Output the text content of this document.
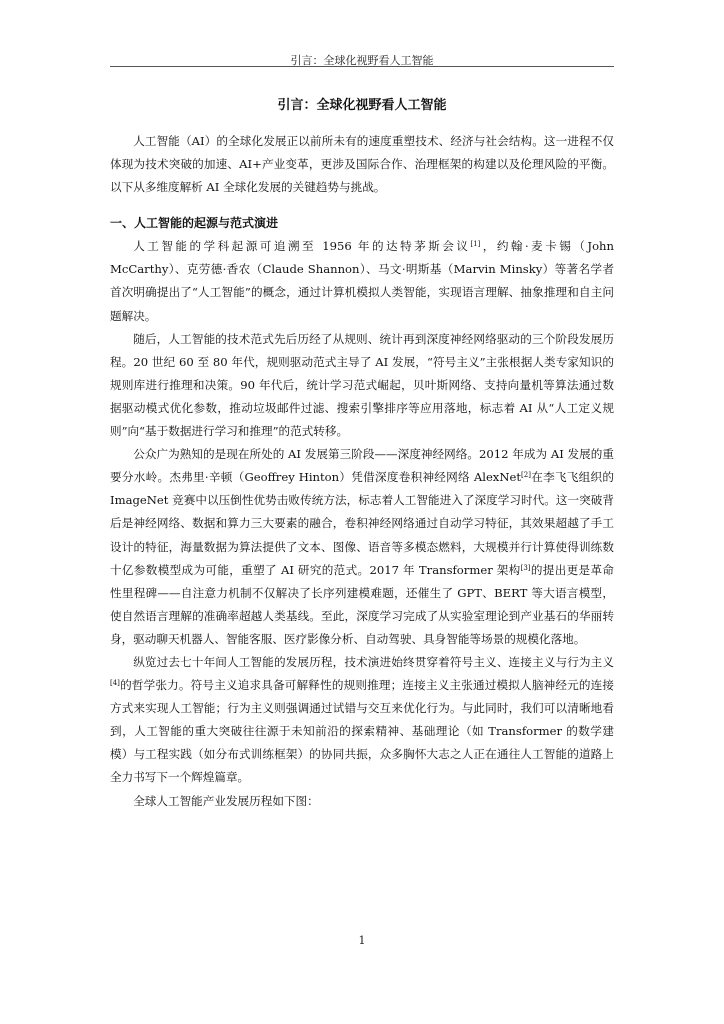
引言：全球化视野看人工智能
引言：全球化视野看人工智能

人工智能（AI）的全球化发展正以前所未有的速度重塑技术、经济与社会结构。这一进程不仅体现为技术突破的加速、AI+产业变革，更涉及国际合作、治理框架的构建以及伦理风险的平衡。以下从多维度解析 AI 全球化发展的关键趋势与挑战。

一、人工智能的起源与范式演进

人工智能的学科起源可追溯至 1956 年的达特茅斯会议[1]，约翰·麦卡锡（John McCarthy）、克劳德·香农（Claude Shannon）、马文·明斯基（Marvin Minsky）等著名学者首次明确提出了“人工智能”的概念，通过计算机模拟人类智能，实现语言理解、抽象推理和自主问题解决。

随后，人工智能的技术范式先后历经了从规则、统计再到深度神经网络驱动的三个阶段发展历程。20 世纪 60 至 80 年代，规则驱动范式主导了 AI 发展，“符号主义”主张根据人类专家知识的规则库进行推理和决策。90 年代后，统计学习范式崛起，贝叶斯网络、支持向量机等算法通过数据驱动模式优化参数，推动垃圾邮件过滤、搜索引擎排序等应用落地，标志着 AI 从“人工定义规则”向“基于数据进行学习和推理”的范式转移。

公众广为熟知的是现在所处的 AI 发展第三阶段——深度神经网络。2012 年成为 AI 发展的重要分水岭。杰弗里·辛顿（Geoffrey Hinton）凭借深度卷积神经网络 AlexNet[2]在李飞飞组织的 ImageNet 竞赛中以压倒性优势击败传统方法，标志着人工智能进入了深度学习时代。这一突破背后是神经网络、数据和算力三大要素的融合，卷积神经网络通过自动学习特征，其效果超越了手工设计的特征，海量数据为算法提供了文本、图像、语音等多模态燃料，大规模并行计算使得训练数十亿参数模型成为可能，重塑了 AI 研究的范式。2017 年 Transformer 架构[3]的提出更是革命性里程碑——自注意力机制不仅解决了长序列建模难题，还催生了 GPT、BERT 等大语言模型，使自然语言理解的准确率超越人类基线。至此，深度学习完成了从实验室理论到产业基石的华丽转身，驱动聊天机器人、智能客服、医疗影像分析、自动驾驶、具身智能等场景的规模化落地。

纵览过去七十年间人工智能的发展历程，技术演进始终贯穿着符号主义、连接主义与行为主义[4]的哲学张力。符号主义追求具备可解释性的规则推理；连接主义主张通过模拟人脑神经元的连接方式来实现人工智能；行为主义则强调通过试错与交互来优化行为。与此同时，我们可以清晰地看到，人工智能的重大突破往往源于未知前沿的探索精神、基础理论（如 Transformer 的数学建模）与工程实践（如分布式训练框架）的协同共振，众多胸怀大志之人正在通往人工智能的道路上全力书写下一个辉煌篇章。

全球人工智能产业发展历程如下图：

1
